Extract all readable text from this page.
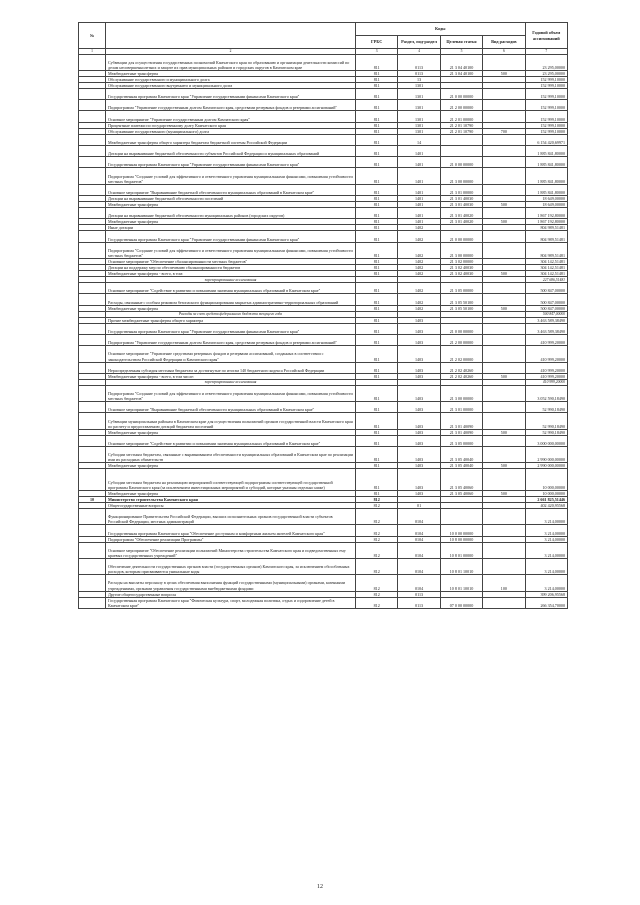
№		Коды				Годовой объем ассигнований
		ГРБС	Раздел, под-раздел	Целевая статья	Вид расходов	
1	2	3	4	5	6	7
	Субвенции для осуществления государственных полномочий Камчатского края по образованию и организации деятельности комиссий по делам несовершеннолетних и защите их прав муниципальных районов и городских округов в Камчатском крае	811	0113	21 3 04 40100		23 295,00000
	Межбюджетные трансферты	811	0113	21 3 04 40100	500	23 295,00000
	Обслуживание государственного и муниципального долга	811	13			152 999,10000
	Обслуживание государственного внутреннего и муниципального долга	811	1301			152 999,10000
	Государственная программа Камчатского края "Управление государственными финансами Камчатского края"	811	1301	21 0 00 00000		152 999,10000
	Подпрограмма "Управление государственным долгом Камчатского края, средствами резервных фондов и резервами ассигнований"	811	1301	21 2 00 00000		152 999,10000
	Основное мероприятие "Управление государственным долгом Камчатского края"	811	1301	21 2 01 00000		152 999,10000
	Процентные платежи по государственному долгу Камчатского края	811	1301	21 2 01 10790		152 999,10000
	Обслуживание государственного (муниципального) долга	811	1301	21 2 01 10790	700	152 999,10000
	Межбюджетные трансферты общего характера бюджетам бюджетной системы Российской Федерации	811	14			6 154 420,69971
	Дотации на выравнивание бюджетной обеспеченности субъектов Российской Федерации и муниципальных образований	811	1401			1 885 841,80000
	Государственная программа Камчатского края "Управление государственными финансами Камчатского края"	811	1401	21 0 00 00000		1 885 841,80000
	Подпрограмма "Создание условий для эффективного и ответственного управления муниципальными финансами, повышения устойчивости местных бюджетов"	811	1401	21 3 00 00000		1 885 841,80000
	Основное мероприятие "Выравнивание бюджетной обеспеченности муниципальных образований в Камчатском крае"	811	1401	21 3 01 00000		1 885 841,80000
	Дотации на выравнивание бюджетной обеспеченности поселений	811	1401	21 3 01 40030		18 649,00000
	Межбюджетные трансферты	811	1401	21 3 01 40030	500	18 649,00000
	Дотации на выравнивание бюджетной обеспеченности муниципальных районов (городских округов)	811	1401	21 3 01 40020		1 867 192,80000
	Межбюджетные трансферты	811	1401	21 3 01 40020	500	1 867 192,80000
	Иные дотации	811	1402			804 989,51481
	Государственная программа Камчатского края "Управление государственными финансами Камчатского края"	811	1402	21 0 00 00000		804 989,51481
	Подпрограмма "Создание условий для эффективного и ответственного управления муниципальными финансами, повышения устойчивости местных бюджетов"	811	1402	21 3 00 00000		804 989,51481
	Основное мероприятие "Обеспечение сбалансированности местных бюджетов"	811	1402	21 3 02 00000		304 142,51481
	Дотации на поддержку мер по обеспечению сбалансированности бюджетов	811	1402	21 3 02 40030		304 142,51481
	Межбюджетные трансферты - всего, в том:	811	1402	21 3 02 40030	500	304 142,51481
	зарезервированные ассигнования					227 686,51481
	Основное мероприятие "Содействие в развитии и повышении значения муниципальных образований в Камчатском крае"	811	1402	21 3 05 00000		500 847,00000
	Расходы, связанные с особым режимом безопасного функционирования закрытых административно-территориальных образований	811	1402	21 3 05 50100		500 847,00000
	Межбюджетные трансферты	811	1402	21 3 05 50100	500	500 847,00000
	Расходы за счет средств федерального бюджета текущего года					500 847,00000
	Прочие межбюджетные трансферты общего характера	811	1403			3 463 589,38490
	Государственная программа Камчатского края "Управление государственными финансами Камчатского края"	811	1403	21 0 00 00000		3 463 589,38490
	Подпрограмма "Управление государственным долгом Камчатского края, средствами резервных фондов и резервами ассигнований"	811	1403	21 2 00 00000		410 999,20000
	Основное мероприятие "Управление средствами резервных фондов и резервами ассигнований, созданных в соответствии с законодательством Российской Федерации и Камчатского края"	811	1403	21 2 02 00000		410 999,20000
	Нераспределенная субсидия местным бюджетам за достигнутые по итогам 140 бюджетного кодекса Российской Федерации	811	1403	21 2 02 40260		410 999,20000
	Межбюджетные трансферты - всего, в том числе:	811	1403	21 2 02 40260	500	410 999,20000
	зарезервированные ассигнования					410 999,20000
	Подпрограмма "Создание условий для эффективного и ответственного управления муниципальными финансами, повышения устойчивости местных бюджетов"	811	1403	21 3 00 00000		3 052 590,18490
	Основное мероприятие "Выравнивание бюджетной обеспеченности муниципальных образований в Камчатском крае"	811	1403	21 3 01 00000		52 990,18490
	Субвенции муниципальным районам в Камчатском крае для осуществления полномочий органов государственной власти Камчатского края по расчету и предоставлению дотаций бюджетам поселений	811	1403	21 3 01 40090		52 990,18490
	Межбюджетные трансферты	811	1403	21 3 01 40090	500	52 990,18490
	Основное мероприятие "Содействие в развитии и повышении значения муниципальных образований в Камчатском крае"	811	1403	21 3 05 00000		3 000 000,00000
	Субсидии местным бюджетам, связанные с выравниванием обеспеченности муниципальных образований в Камчатском крае по реализации ими их расходных обязательств	811	1403	21 3 05 40040		2 990 000,00000
	Межбюджетные трансферты	811	1403	21 3 05 40040	500	2 990 000,00000
	Субсидии местным бюджетам на реализацию мероприятий соответствующей подпрограммы соответствующей государственной программы Камчатского края (за исключением инвестиционных мероприятий и субсидий, которые указаны отдельно ниже)	811	1403	21 3 05 40060		10 000,00000
	Межбюджетные трансферты	811	1403	21 3 05 40060	500	10 000,00000
10	Министерство строительства Камчатского края	812				2 661 825,51446
	Общегосударственные вопросы	812	01			402 420,95568
	Функционирование Правительства Российской Федерации, высших исполнительных органов государственной власти субъектов Российской Федерации, местных администраций	812	0104			3 214,00000
	Государственная программа Камчатского края "Обеспечение доступным и комфортным жильем жителей Камчатского края"	812	0104	10 0 00 00000		3 214,00000
	Подпрограмма "Обеспечение реализации Программы"	812	0104	10 8 00 00000		3 214,00000
	Основное мероприятие "Обеспечение реализации полномочий Министерства строительства Камчатского края и подведомственных ему краевых государственных учреждений"	812	0104	10 8 01 00000		3 214,00000
	Обеспечение деятельности государственных органов власти (государственных органов) Камчатского края, за исключением обособленных расходов, которым присваиваются уникальные коды	812	0104	10 8 01 10010		3 214,00000
	Расходы на выплаты персоналу в целях обеспечения выполнения функций государственными (муниципальными) органами, казенными учреждениями, органами управления государственными внебюджетными фондами	812	0104	10 8 01 10010	100	3 214,00000
	Другие общегосударственные вопросы	812	0113			399 206,95568
	Государственная программа Камчатского края "Физическая культура, спорт, молодежная политика, отдых и оздоровление детей в Камчатском крае"	812	0113	07 0 00 00000		266 354,70000
12
